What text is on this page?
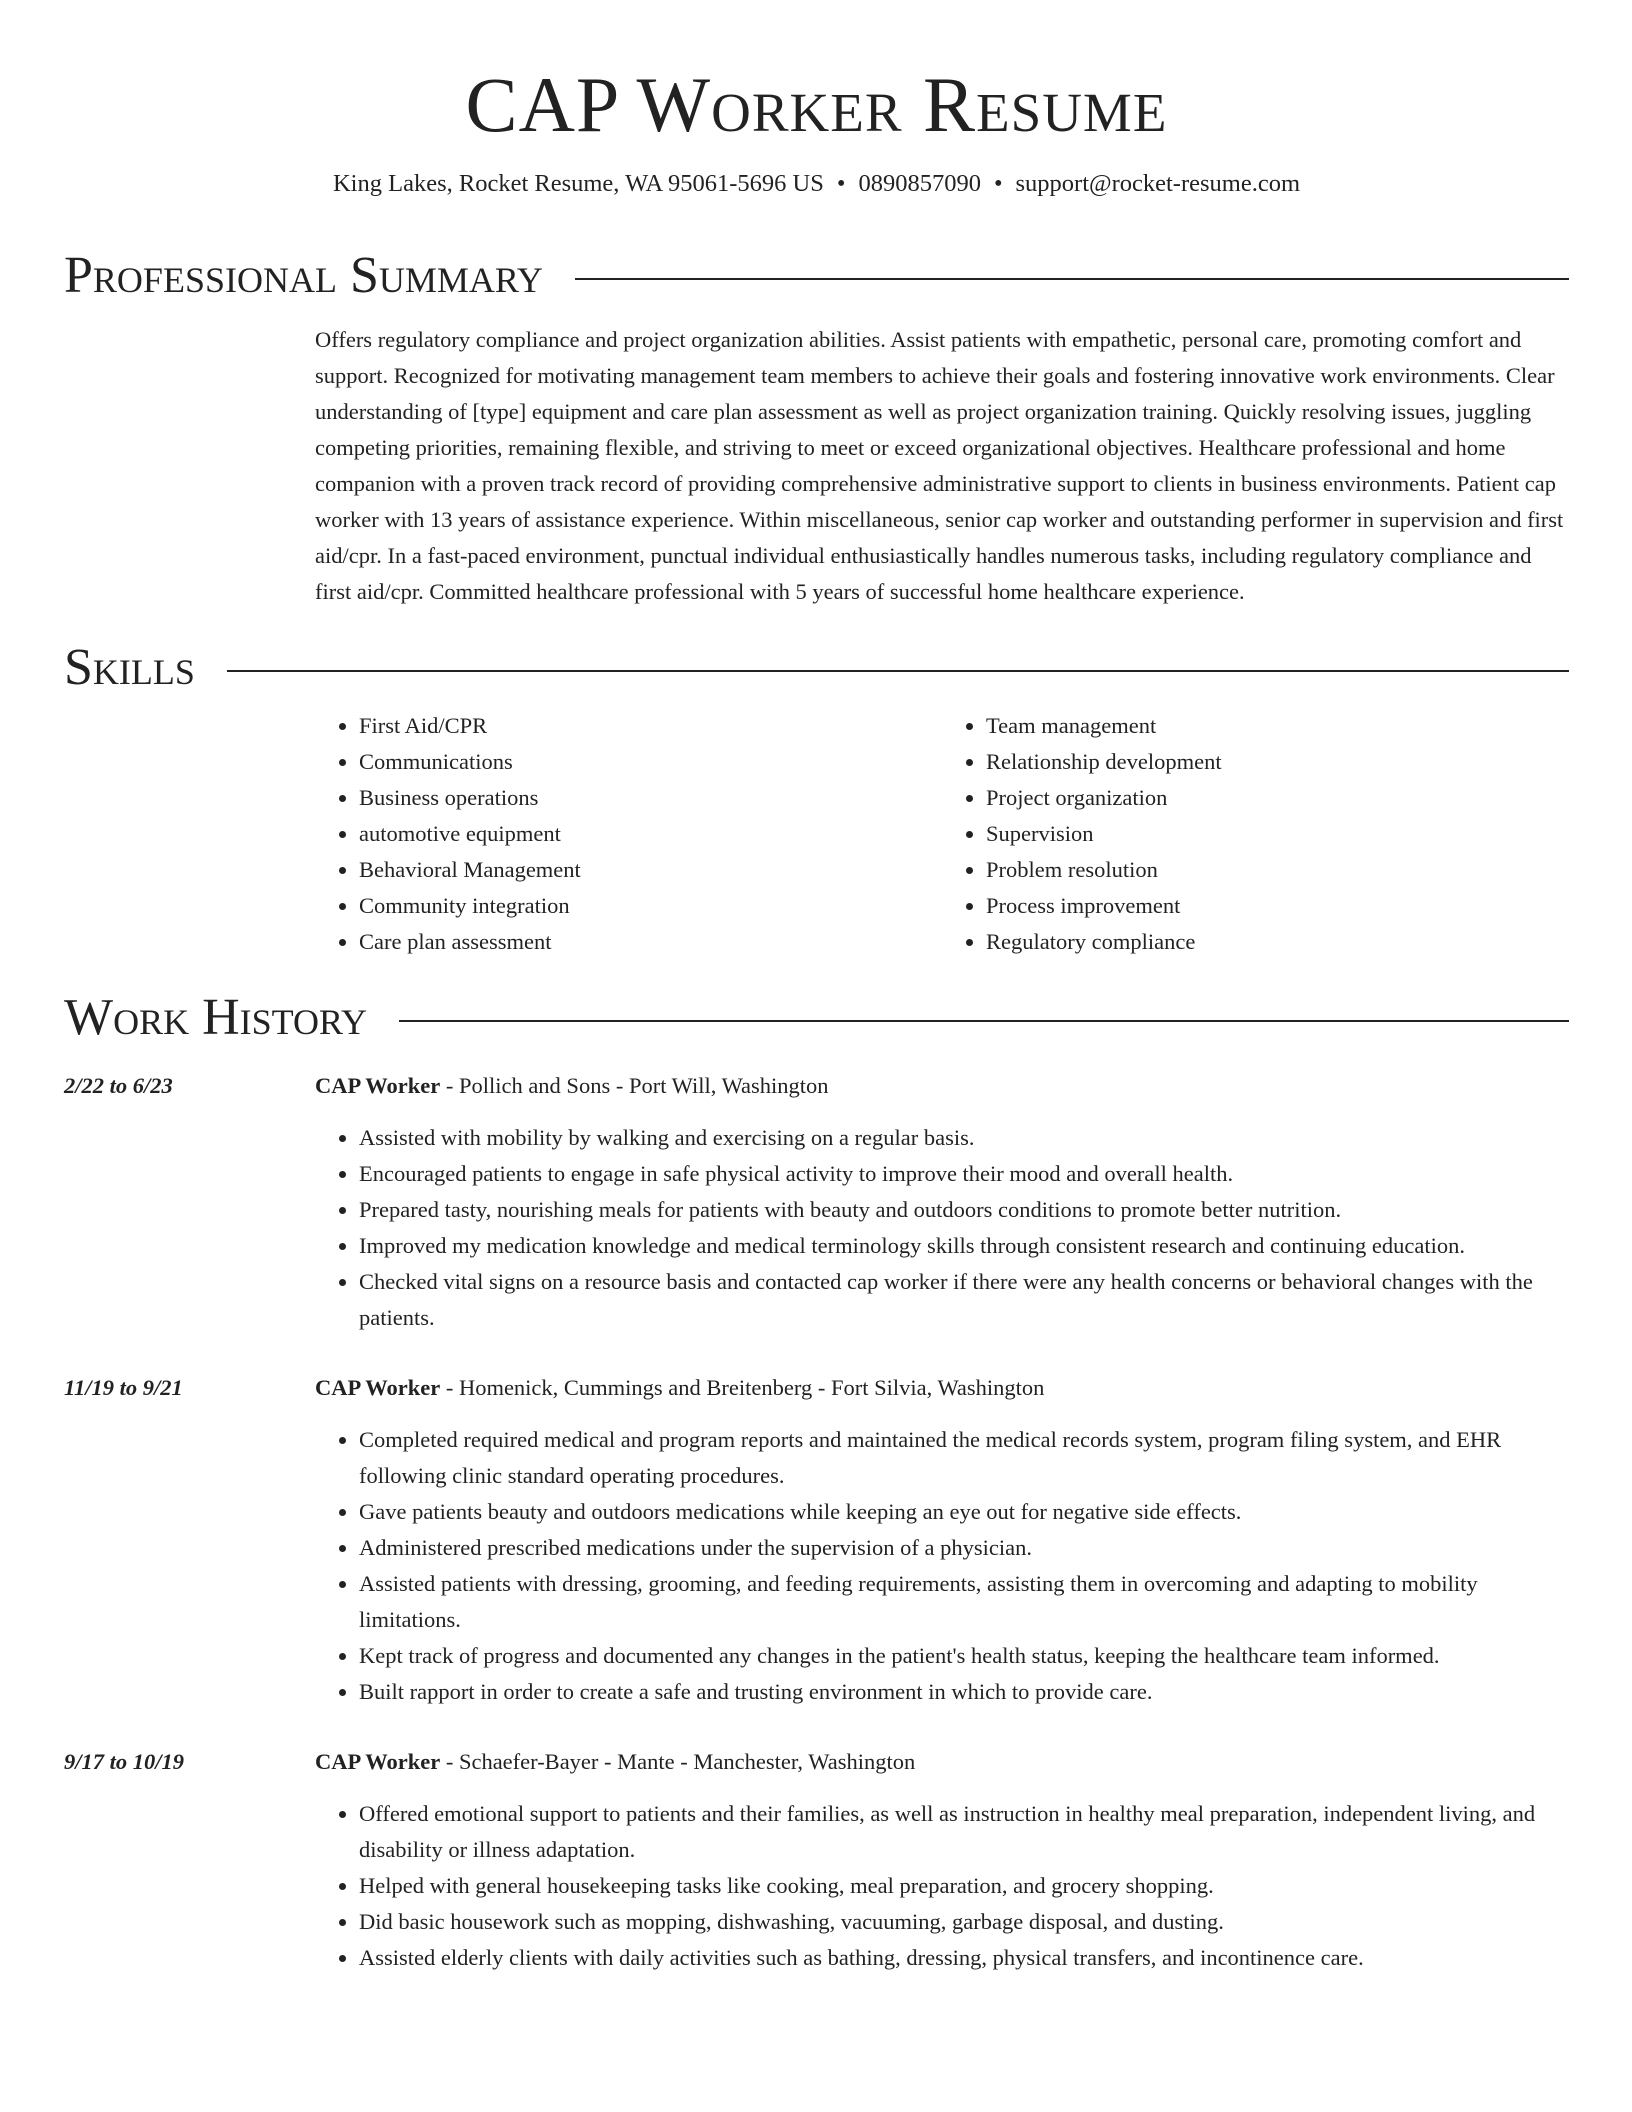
CAP Worker Resume
King Lakes, Rocket Resume, WA 95061-5696 US • 0890857090 • support@rocket-resume.com
Professional Summary

Offers regulatory compliance and project organization abilities. Assist patients with empathetic, personal care, promoting comfort and support. Recognized for motivating management team members to achieve their goals and fostering innovative work environments. Clear understanding of [type] equipment and care plan assessment as well as project organization training. Quickly resolving issues, juggling competing priorities, remaining flexible, and striving to meet or exceed organizational objectives. Healthcare professional and home companion with a proven track record of providing comprehensive administrative support to clients in business environments. Patient cap worker with 13 years of assistance experience. Within miscellaneous, senior cap worker and outstanding performer in supervision and first aid/cpr. In a fast-paced environment, punctual individual enthusiastically handles numerous tasks, including regulatory compliance and first aid/cpr. Committed healthcare professional with 5 years of successful home healthcare experience.

Skills
• First Aid/CPR
• Communications
• Business operations
• automotive equipment
• Behavioral Management
• Community integration
• Care plan assessment
• Team management
• Relationship development
• Project organization
• Supervision
• Problem resolution
• Process improvement
• Regulatory compliance
Work History
2/22 to 6/23	CAP Worker - Pollich and Sons - Port Will, Washington
• Assisted with mobility by walking and exercising on a regular basis.
• Encouraged patients to engage in safe physical activity to improve their mood and overall health.
• Prepared tasty, nourishing meals for patients with beauty and outdoors conditions to promote better nutrition.
• Improved my medication knowledge and medical terminology skills through consistent research and continuing education.
• Checked vital signs on a resource basis and contacted cap worker if there were any health concerns or behavioral changes with the patients.
11/19 to 9/21	CAP Worker - Homenick, Cummings and Breitenberg - Fort Silvia, Washington
• Completed required medical and program reports and maintained the medical records system, program filing system, and EHR following clinic standard operating procedures.
• Gave patients beauty and outdoors medications while keeping an eye out for negative side effects.
• Administered prescribed medications under the supervision of a physician.
• Assisted patients with dressing, grooming, and feeding requirements, assisting them in overcoming and adapting to mobility limitations.
• Kept track of progress and documented any changes in the patient's health status, keeping the healthcare team informed.
• Built rapport in order to create a safe and trusting environment in which to provide care.
9/17 to 10/19	CAP Worker - Schaefer-Bayer - Mante - Manchester, Washington
• Offered emotional support to patients and their families, as well as instruction in healthy meal preparation, independent living, and disability or illness adaptation.
• Helped with general housekeeping tasks like cooking, meal preparation, and grocery shopping.
• Did basic housework such as mopping, dishwashing, vacuuming, garbage disposal, and dusting.
• Assisted elderly clients with daily activities such as bathing, dressing, physical transfers, and incontinence care.
